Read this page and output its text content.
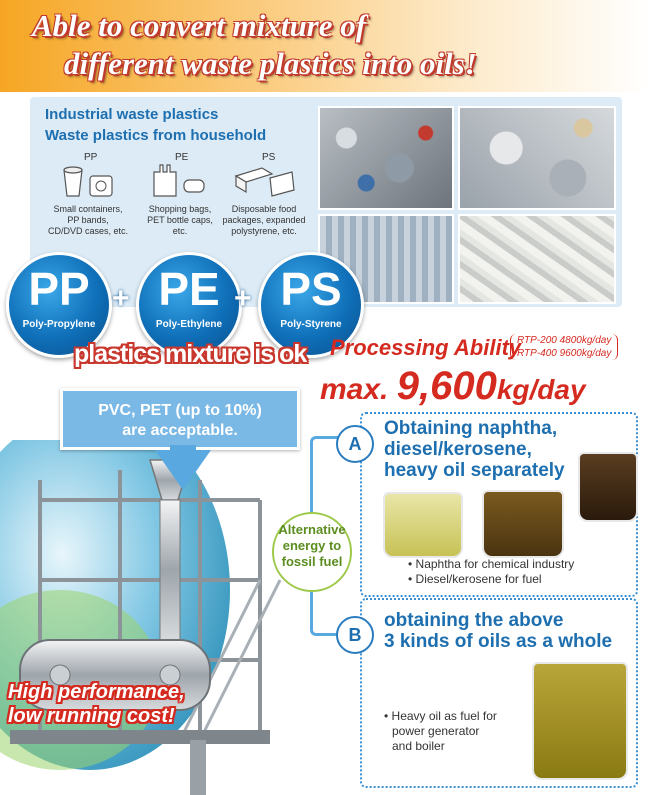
Able to convert mixture of
different waste plastics into oils!
Industrial waste plastics
Waste plastics from household
PP	PE	PS
Small containers,
PP bands,
CD/DVD cases, etc.
Shopping bags,
PET bottle caps,
etc.
Disposable food
packages, expanded
polystyrene, etc.
PP
Poly-Propylene
+ PE
Poly-Ethylene
+ PS
Poly-Styrene
plastics mixture is ok Processing Ability
RTP-200 4800kg/day
RTP-400 9600kg/day
max. 9,600kg/day
PVC, PET (up to 10%)
are acceptable.
A
Obtaining naphtha,
diesel/kerosene,
heavy oil separately
• Naphtha for chemical industry
• Diesel/kerosene for fuel
Alternative
energy to
fossil fuel
B
obtaining the above
3 kinds of oils as a whole
• Heavy oil as fuel for
power generator
and boiler
High performance,
low running cost!
